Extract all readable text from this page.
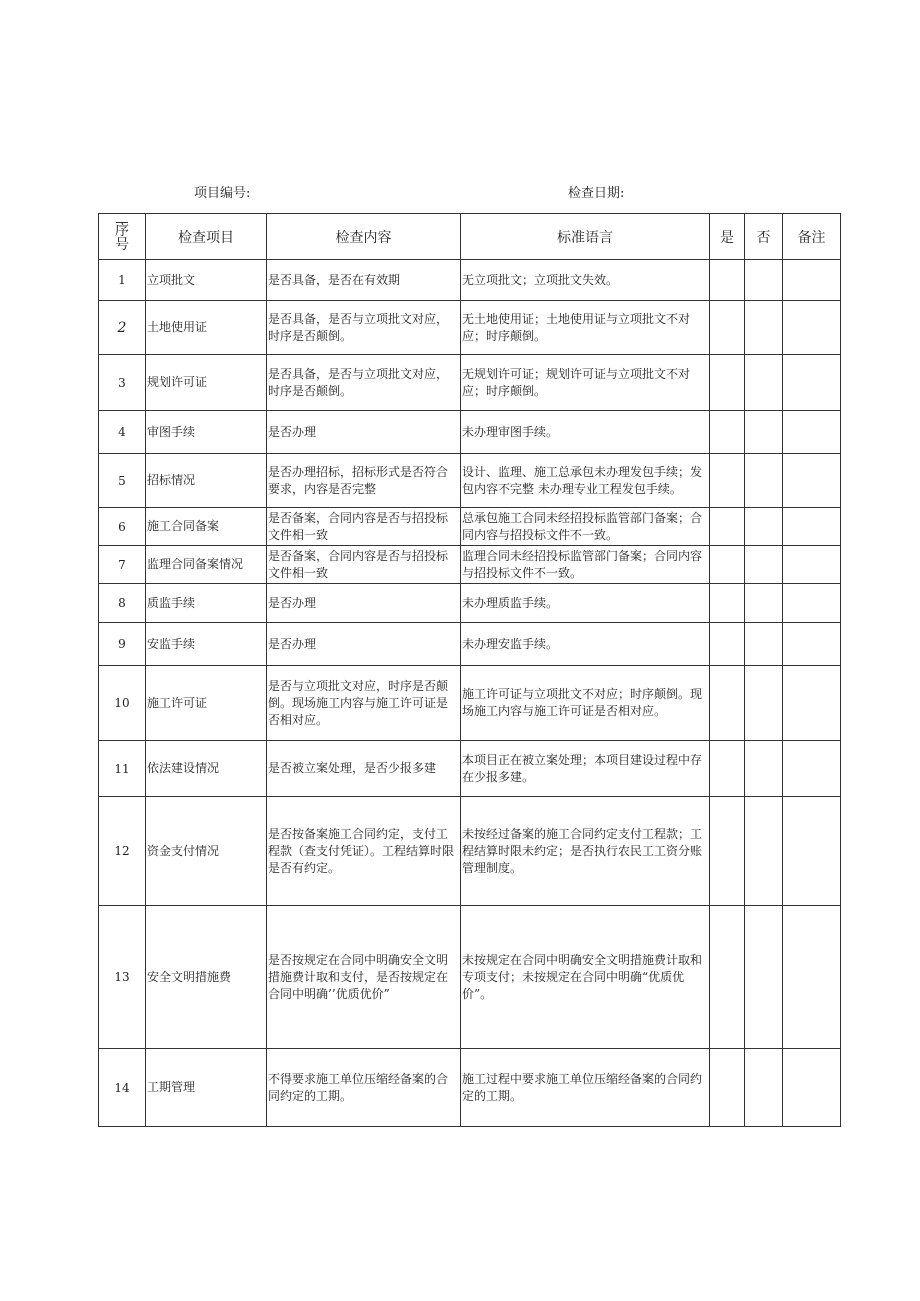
项目编号:	检查日期:
序
号	检查项目	检查内容	标准语言	是	否	备注
1	立项批文	是否具备，是否在有效期	无立项批文；立项批文失效。			
2	土地使用证	是否具备，是否与立项批文对应，时序是否颠倒。	无土地使用证；土地使用证与立项批文不对应；时序颠倒。			
3	规划许可证	是否具备，是否与立项批文对应，时序是否颠倒。	无规划许可证；规划许可证与立项批文不对应；时序颠倒。			
4	审图手续	是否办理	未办理审图手续。			
5	招标情况	是否办理招标，招标形式是否符合要求，内容是否完整	设计、监理、施工总承包未办理发包手续；发包内容不完整 未办理专业工程发包手续。			
6	施工合同备案	是否备案，合同内容是否与招投标文件相一致	总承包施工合同未经招投标监管部门备案；合同内容与招投标文件不一致。			
7	监理合同备案情况	是否备案，合同内容是否与招投标文件相一致	监理合同未经招投标监管部门备案；合同内容与招投标文件不一致。			
8	质监手续	是否办理	未办理质监手续。			
9	安监手续	是否办理	未办理安监手续。			
10	施工许可证	是否与立项批文对应，时序是否颠倒。现场施工内容与施工许可证是否相对应。	施工许可证与立项批文不对应；时序颠倒。现场施工内容与施工许可证是否相对应。			
11	依法建设情况	是否被立案处理，是否少报多建	本项目正在被立案处理；本项目建设过程中存在少报多建。			
12	资金支付情况	是否按备案施工合同约定，支付工程款（查支付凭证）。工程结算时限是否有约定。	未按经过备案的施工合同约定支付工程款；工程结算时限未约定；是否执行农民工工资分账管理制度。			
13	安全文明措施费	是否按规定在合同中明确安全文明措施费计取和支付，是否按规定在合同中明确’’优质优价”	未按规定在合同中明确安全文明措施费计取和专项支付；未按规定在合同中明确“优质优价”。			
14	工期管理	不得要求施工单位压缩经备案的合同约定的工期。	施工过程中要求施工单位压缩经备案的合同约定的工期。			
